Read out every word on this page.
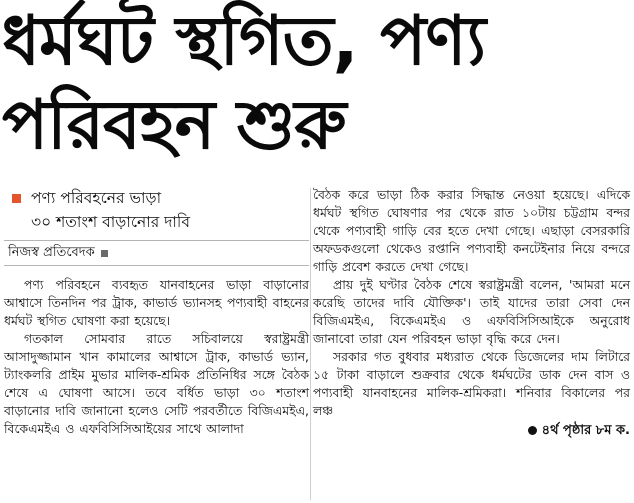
ধর্মঘট স্থগিত, পণ্য
পরিবহন শুরু
পণ্য পরিবহনের ভাড়া
৩০ শতাংশ বাড়ানোর দাবি
নিজস্ব প্রতিবেদক

পণ্য পরিবহনে ব্যবহৃত যানবাহনের ভাড়া বাড়ানোর আশ্বাসে তিনদিন পর ট্রাক, কাভার্ড ভ্যানসহ পণ্যবাহী বাহনের ধর্মঘট স্থগিত ঘোষণা করা হয়েছে।

গতকাল সোমবার রাতে সচিবালয়ে স্বরাষ্ট্রমন্ত্রী আসাদুজ্জামান খান কামালের আশ্বাসে ট্রাক, কাভার্ড ভ্যান, ট্যাংকলরি প্রাইম মুভার মালিক-শ্রমিক প্রতিনিধির সঙ্গে বৈঠক শেষে এ ঘোষণা আসে। তবে বর্ধিত ভাড়া ৩০ শতাংশ বাড়ানোর দাবি জানানো হলেও সেটি পরবর্তীতে বিজিএমইএ, বিকেএমইএ ও এফবিসিসিআইয়ের সাথে আলাদা

বৈঠক করে ভাড়া ঠিক করার সিদ্ধান্ত নেওয়া হয়েছে। এদিকে ধর্মঘট স্থগিত ঘোষণার পর থেকে রাত ১০টায় চট্টগ্রাম বন্দর থেকে পণ্যবাহী গাড়ি বের হতে দেখা গেছে। এছাড়া বেসরকারি অফডকগুলো থেকেও রপ্তানি পণ্যবাহী কনটেইনার নিয়ে বন্দরে গাড়ি প্রবেশ করতে দেখা গেছে।

প্রায় দুই ঘণ্টার বৈঠক শেষে স্বরাষ্ট্রমন্ত্রী বলেন, 'আমরা মনে করেছি তাদের দাবি যৌক্তিক'। তাই যাদের তারা সেবা দেন বিজিএমইএ, বিকেএমইএ ও এফবিসিসিআইকে অনুরোধ জানাবো তারা যেন পরিবহন ভাড়া বৃদ্ধি করে দেন।

সরকার গত বুধবার মধ্যরাত থেকে ডিজেলের দাম লিটারে ১৫ টাকা বাড়ালে শুক্রবার থেকে ধর্মঘটের ডাক দেন বাস ও পণ্যবাহী যানবাহনের মালিক-শ্রমিকরা। শনিবার বিকালের পর লঞ্চ

৪র্থ পৃষ্ঠার ৮ম ক.
